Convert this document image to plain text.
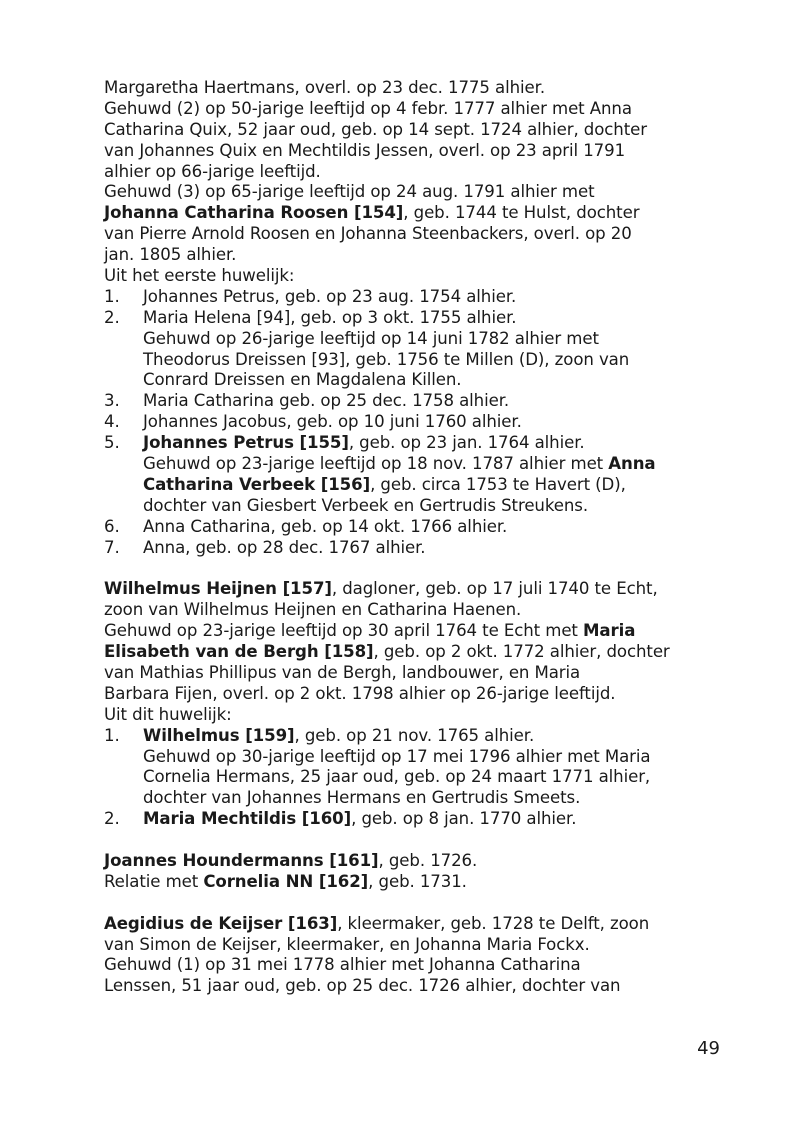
Margaretha Haertmans, overl. op 23 dec. 1775 alhier.
Gehuwd (2) op 50-jarige leeftijd op 4 febr. 1777 alhier met Anna
Catharina Quix, 52 jaar oud, geb. op 14 sept. 1724 alhier, dochter
van Johannes Quix en Mechtildis Jessen, overl. op 23 april 1791
alhier op 66-jarige leeftijd.
Gehuwd (3) op 65-jarige leeftijd op 24 aug. 1791 alhier met
Johanna Catharina Roosen [154], geb. 1744 te Hulst, dochter
van Pierre Arnold Roosen en Johanna Steenbackers, overl. op 20
jan. 1805 alhier.
Uit het eerste huwelijk:
1.	Johannes Petrus, geb. op 23 aug. 1754 alhier.
2.	Maria Helena [94], geb. op 3 okt. 1755 alhier.
Gehuwd op 26-jarige leeftijd op 14 juni 1782 alhier met
Theodorus Dreissen [93], geb. 1756 te Millen (D), zoon van
Conrard Dreissen en Magdalena Killen.
3.	Maria Catharina geb. op 25 dec. 1758 alhier.
4.	Johannes Jacobus, geb. op 10 juni 1760 alhier.
5.	Johannes Petrus [155], geb. op 23 jan. 1764 alhier.
Gehuwd op 23-jarige leeftijd op 18 nov. 1787 alhier met Anna
Catharina Verbeek [156], geb. circa 1753 te Havert (D),
dochter van Giesbert Verbeek en Gertrudis Streukens.
6.	Anna Catharina, geb. op 14 okt. 1766 alhier.
7.	Anna, geb. op 28 dec. 1767 alhier.
Wilhelmus Heijnen [157], dagloner, geb. op 17 juli 1740 te Echt,
zoon van Wilhelmus Heijnen en Catharina Haenen.
Gehuwd op 23-jarige leeftijd op 30 april 1764 te Echt met Maria
Elisabeth van de Bergh [158], geb. op 2 okt. 1772 alhier, dochter
van Mathias Phillipus van de Bergh, landbouwer, en Maria
Barbara Fijen, overl. op 2 okt. 1798 alhier op 26-jarige leeftijd.
Uit dit huwelijk:
1.	Wilhelmus [159], geb. op 21 nov. 1765 alhier.
Gehuwd op 30-jarige leeftijd op 17 mei 1796 alhier met Maria
Cornelia Hermans, 25 jaar oud, geb. op 24 maart 1771 alhier,
dochter van Johannes Hermans en Gertrudis Smeets.
2.	Maria Mechtildis [160], geb. op 8 jan. 1770 alhier.
Joannes Houndermanns [161], geb. 1726.
Relatie met Cornelia NN [162], geb. 1731.
Aegidius de Keijser [163], kleermaker, geb. 1728 te Delft, zoon
van Simon de Keijser, kleermaker, en Johanna Maria Fockx.
Gehuwd (1) op 31 mei 1778 alhier met Johanna Catharina
Lenssen, 51 jaar oud, geb. op 25 dec. 1726 alhier, dochter van
49
